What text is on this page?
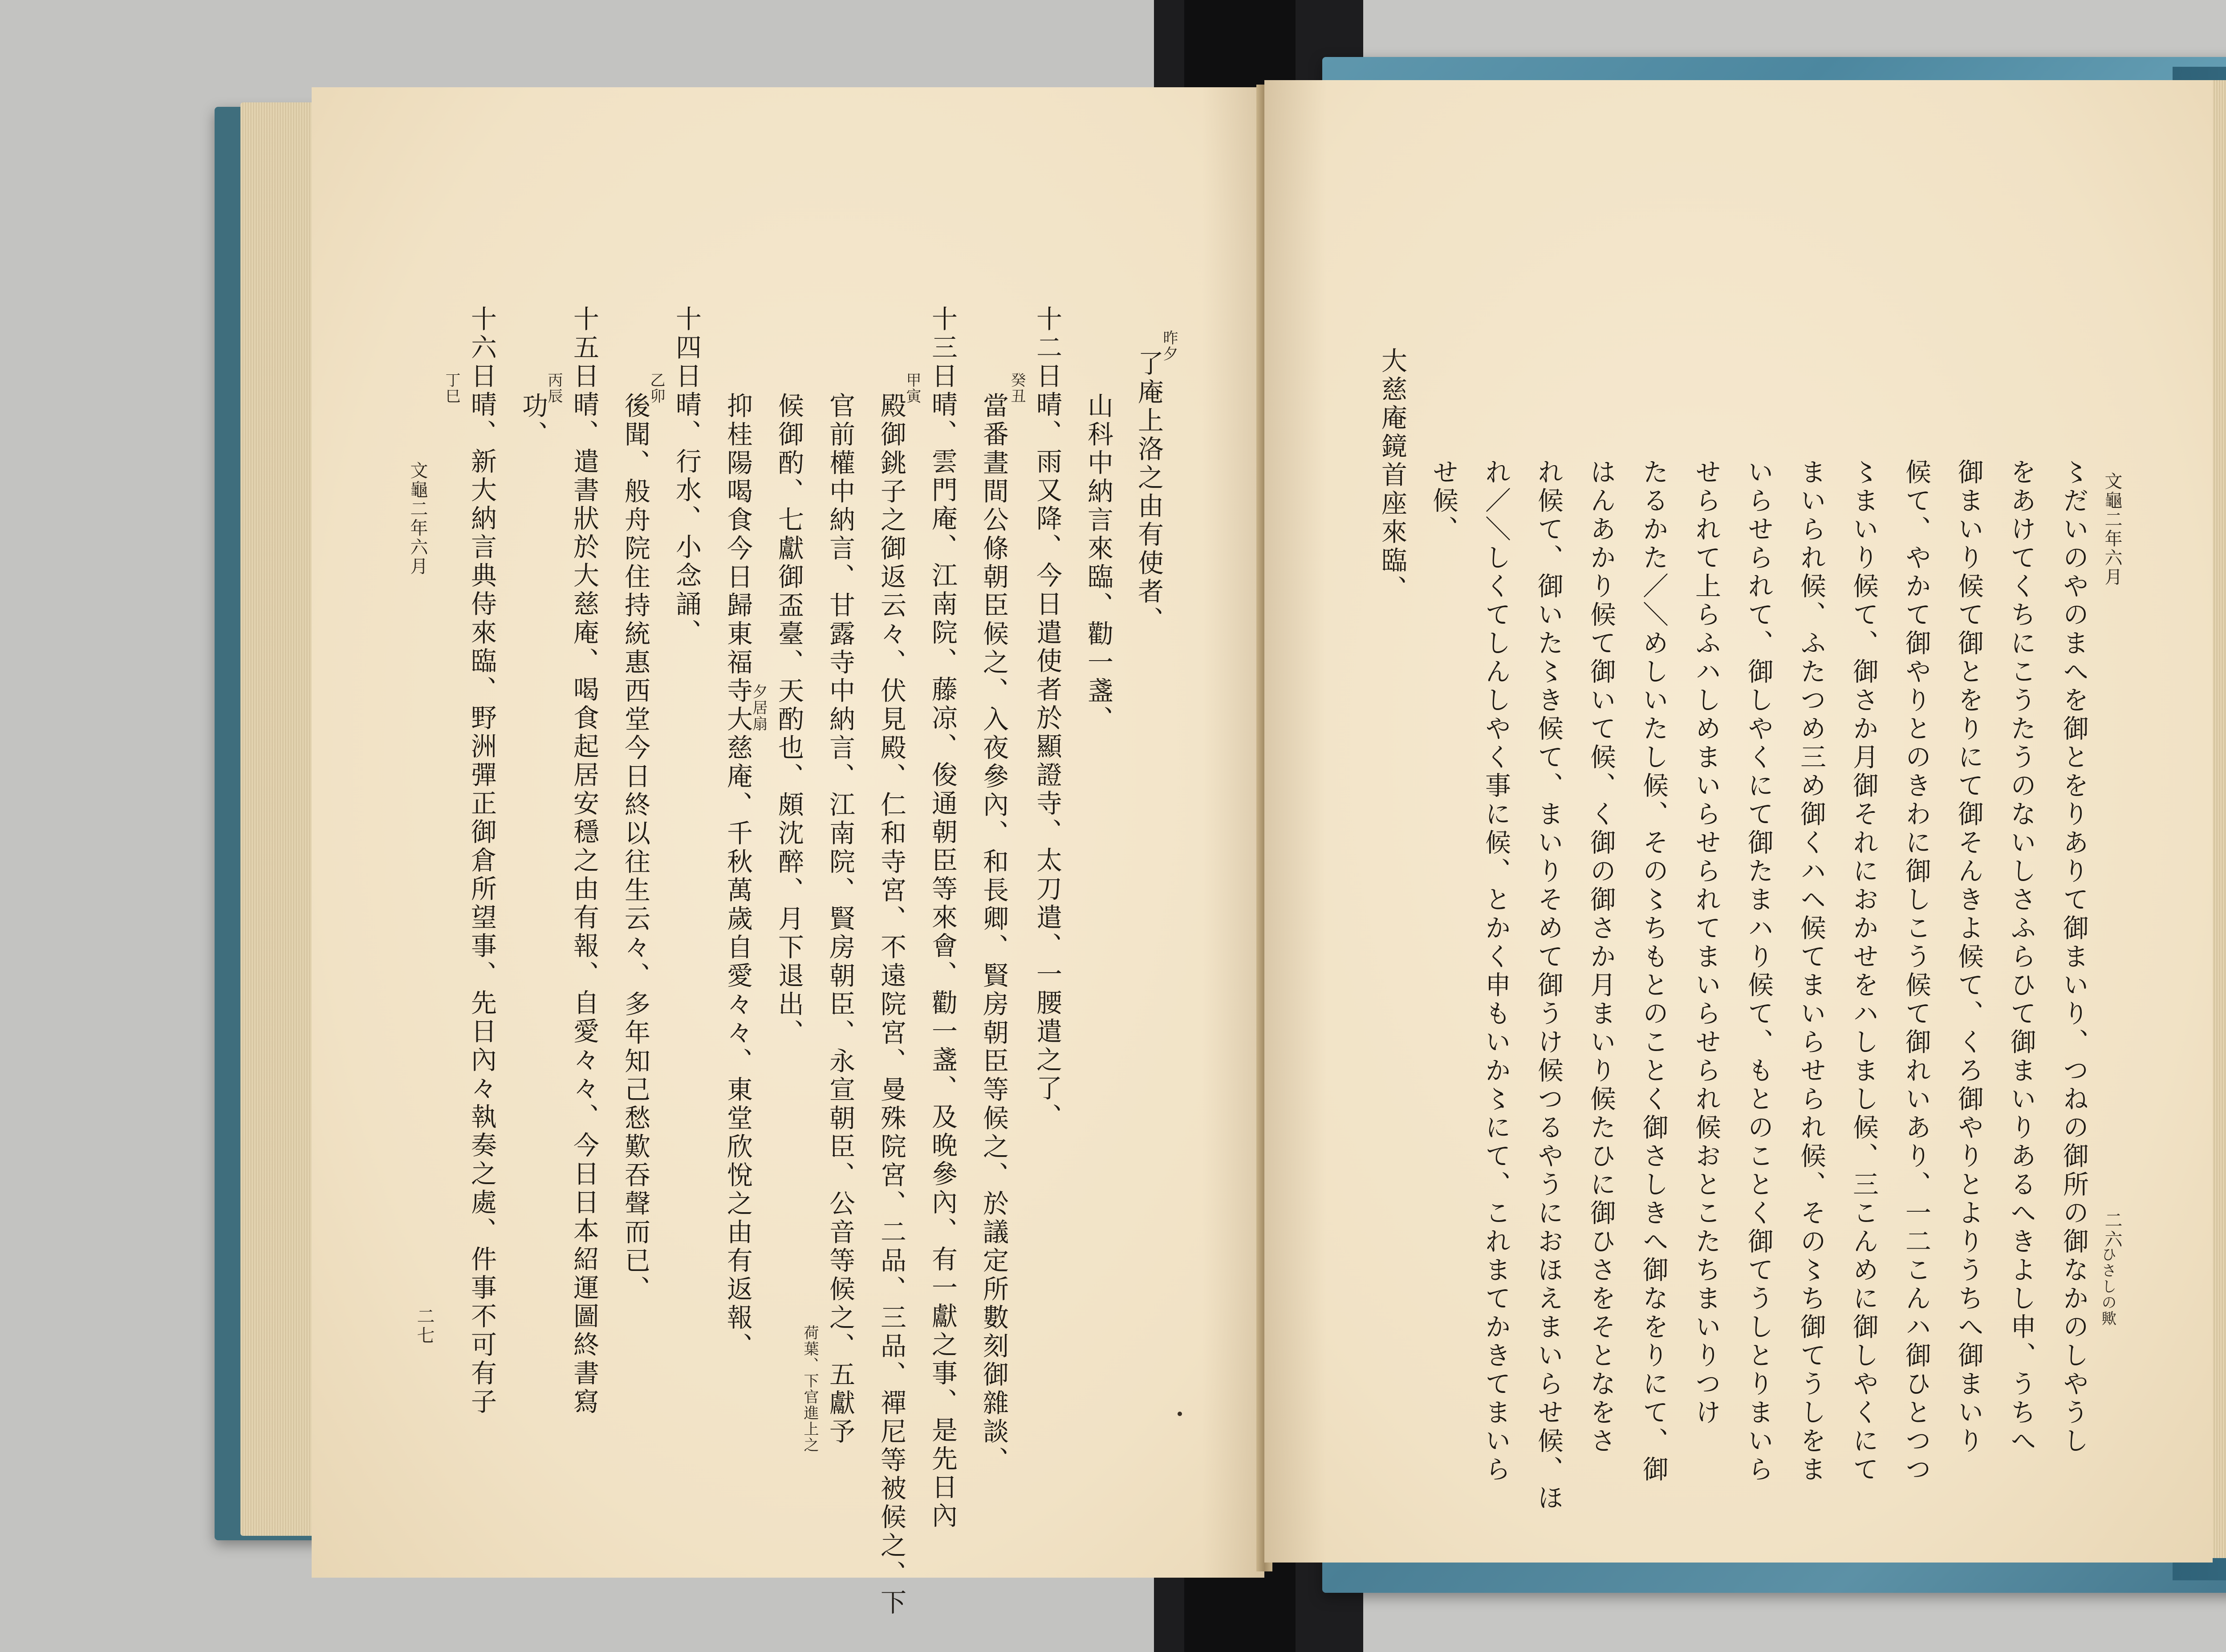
文龜二年六月
二七
了庵上洛之由有使者、
昨夕
山科中納言來臨、勸一盞、
十二日晴、雨又降、今日遣使者於顯證寺、太刀遣、一腰遣之了、
癸丑
當番晝間公條朝臣候之、入夜參內、和長卿、賢房朝臣等候之、於議定所數刻御雜談、
十三日晴、雲門庵、江南院、藤凉、俊通朝臣等來會、勸一盞、及晚參內、有一獻之事、是先日內
甲寅
殿御銚子之御返云々、伏見殿、仁和寺宮、不遠院宮、曼殊院宮、二品、三品、禪尼等被候之、下
官前權中納言、甘露寺中納言、江南院、賢房朝臣、永宣朝臣、公音等候之、五獻予
荷葉、下官進上之
候御酌、七獻御盃臺、天酌也、頗沈醉、月下退出、
夕居扇
抑桂陽喝食今日歸東福寺大慈庵、千秋萬歲自愛々々、東堂欣悅之由有返報、
十四日晴、行水、小念誦、
乙卯
後聞、般舟院住持統惠西堂今日終以往生云々、多年知己愁歎吞聲而已、
十五日晴、遣書狀於大慈庵、喝食起居安穩之由有報、自愛々々、今日日本紹運圖終書寫
丙辰
功、
十六日晴、新大納言典侍來臨、野洲彈正御倉所望事、先日內々執奏之處、件事不可有子
丁巳
文龜二年六月
二六
ひさしの歟
〻だいのやのまへを御とをりありて御まいり、つねの御所の御なかのしやうし
をあけてくちにこうたうのないしさふらひて御まいりあるへきよし申、うちへ
御まいり候て御とをりにて御そんきよ候て、くろ御やりとよりうちへ御まいり
候て、やかて御やりとのきわに御しこう候て御れいあり、一二こんハ御ひとつつ
〻まいり候て、御さか月御それにおかせをハしまし候、三こんめに御しやくにて
まいられ候、ふたつめ三め御くハヘ候てまいらせられ候、その〻ち御てうしをま
いらせられて、御しやくにて御たまハり候て、もとのことく御てうしとりまいら
せられて上らふハしめまいらせられてまいらせられ候おとこたちまいりつけ
たるかた／＼めしいたし候、その〻ちもとのことく御さしきへ御なをりにて、御
はんあかり候て御いて候、く御の御さか月まいり候たひに御ひさをそとなをさ
れ候て、御いた〻き候て、まいりそめて御うけ候つるやうにおほえまいらせ候、ほ
れ／＼しくてしんしやく事に候、とかく申もいか〻にて、これまてかきてまいら
せ候、
大慈庵鏡首座來臨、
